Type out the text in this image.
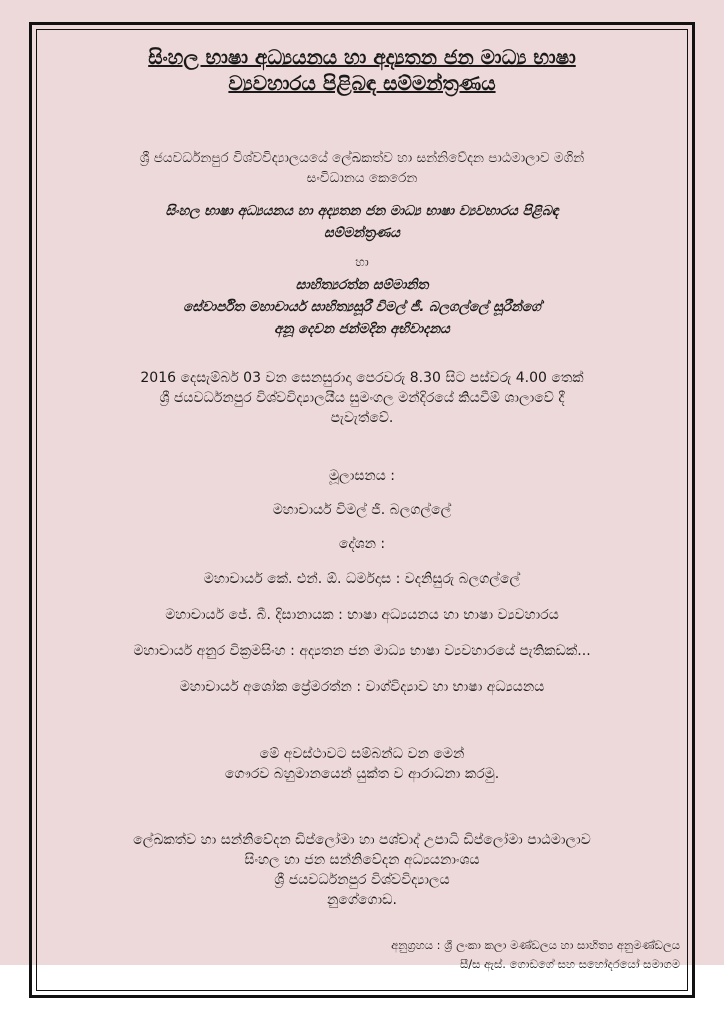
සිංහල භාෂා අධ්‍යයනය හා අද්‍යතන ජන මාධ්‍ය භාෂා
ව්‍යවහාරය පිළිබඳ සම්මන්ත්‍රණය

ශ්‍රී ජයවර්ධනපුර විශ්වවිද්‍යාලයයේ ලේඛකත්ව හා සන්නිවේදන පාඨමාලාව මගින්
සංවිධානය කෙරෙන

සිංහල භාෂා අධ්‍යයනය හා අද්‍යතන ජන මාධ්‍ය භාෂා ව්‍යවහාරය පිළිබඳ
සම්මන්ත්‍රණය

හා

සාහිත්‍යරත්න සම්මානිත
සේවාර්පිත මහාචාර්ය සාහිත්‍යසූරී විමල් ජී. බලගල්ලේ සූරීන්ගේ
අනූ දෙවන ජන්මදින අභිවාදනය

2016 දෙසැම්බර් 03 වන සෙනසුරාදා පෙරවරු 8.30 සිට පස්වරු 4.00 තෙක්
ශ්‍රී ජයවර්ධනපුර විශ්වවිද්‍යාලයීය සුමංගල මන්දිරයේ කියවීම් ශාලාවේ දී
පැවැත්වේ.

මූලාසනය :

මහාචාර්ය විමල් ජී. බලගල්ලේ

දේශන :

මහාචාර්ය කේ. එන්. ඕ. ධර්මදාස : වදනිසුරු බලගල්ලේ

මහාචාර්ය ජේ. බී. දිසානායක : භාෂා අධ්‍යයනය හා භාෂා ව්‍යවහාරය

මහාචාර්ය අනුර වික්‍රමසිංහ : අද්‍යතන ජන මාධ්‍ය භාෂා ව්‍යවහාරයේ පැතිකඩක්...

මහාචාර්ය අශෝක ප්‍රේමරත්න : වාග්විද්‍යාව හා භාෂා අධ්‍යයනය

මේ අවස්ථාවට සම්බන්ධ වන මෙන්
ගෞරව බහුමානයෙන් යුක්ත ව ආරාධනා කරමු.

ලේඛකත්ව හා සන්නිවේදන ඩිප්ලෝමා හා පශ්චාද් උපාධි ඩිප්ලෝමා පාඨමාලාව
සිංහල හා ජන සන්නිවේදන අධ්‍යයනාංශය
ශ්‍රී ජයවර්ධනපුර විශ්වවිද්‍යාලය
නුගේගොඩ.

අනුග්‍රහය : ශ්‍රී ලංකා කලා මණ්ඩලය හා සාහිත්‍ය අනුමණ්ඩලය
සී/ස ඇස්. ගොඩගේ සහ සහෝදරයෝ සමාගම
